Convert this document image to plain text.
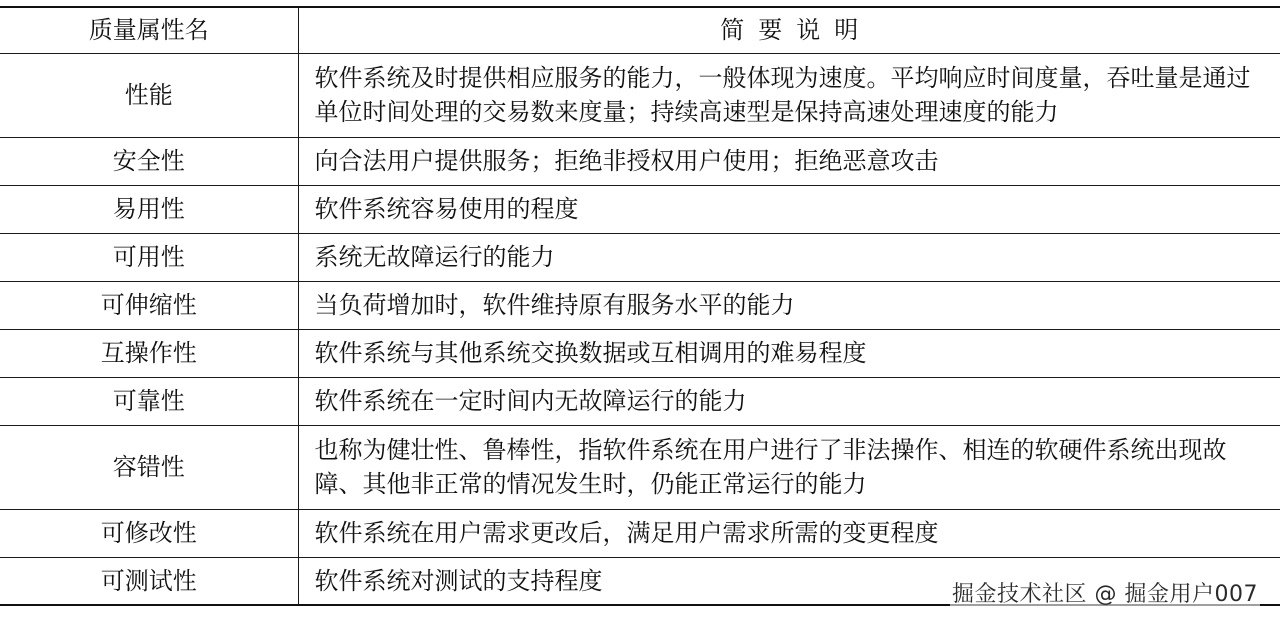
质量属性名	简要说明
性能	软件系统及时提供相应服务的能力，一般体现为速度。平均响应时间度量，吞吐量是通过单位时间处理的交易数来度量；持续高速型是保持高速处理速度的能力
安全性	向合法用户提供服务；拒绝非授权用户使用；拒绝恶意攻击
易用性	软件系统容易使用的程度
可用性	系统无故障运行的能力
可伸缩性	当负荷增加时，软件维持原有服务水平的能力
互操作性	软件系统与其他系统交换数据或互相调用的难易程度
可靠性	软件系统在一定时间内无故障运行的能力
容错性	也称为健壮性、鲁棒性，指软件系统在用户进行了非法操作、相连的软硬件系统出现故障、其他非正常的情况发生时，仍能正常运行的能力
可修改性	软件系统在用户需求更改后，满足用户需求所需的变更程度
可测试性	软件系统对测试的支持程度	掘金技术社区 @ 掘金用户007
